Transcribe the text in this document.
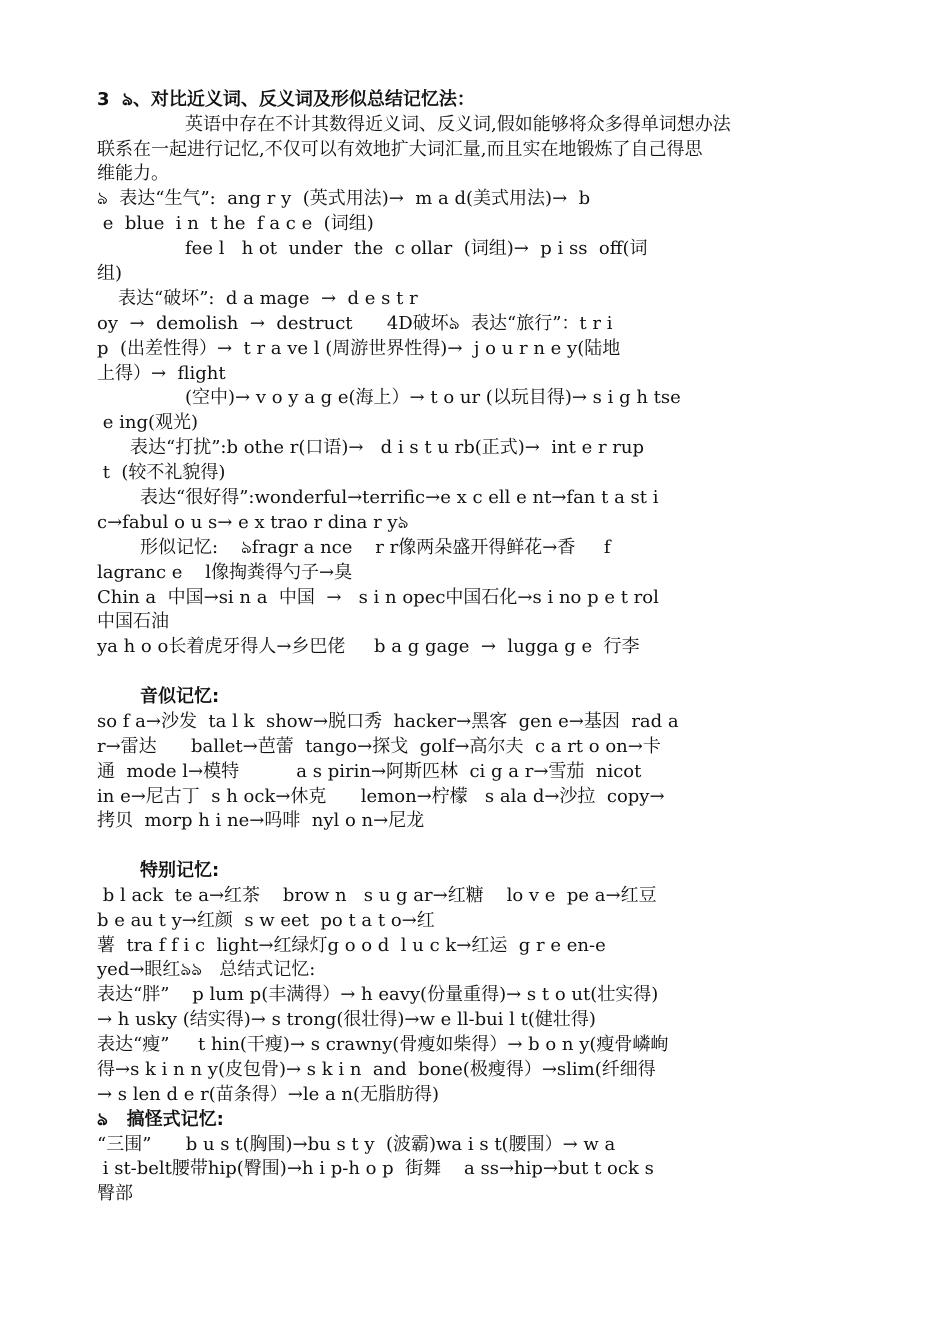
3  ঌ、对比近义词、反义词及形似总结记忆法：
英语中存在不计其数得近义词、反义词,假如能够将众多得单词想办法
联系在一起进行记忆,不仅可以有效地扩大词汇量,而且实在地锻炼了自己得思
维能力。
ঌ  表达“生气”:  ang r y  (英式用法)→  m a d(美式用法)→  b
e  blue  i n  t he  f a c e  (词组)
fee l   h ot  under  the  c ollar  (词组)→  p i ss  off(词
组)
表达“破坏”:  d a mage  →  d e s t r
oy  →  demolish  →  destruct      4D破坏ঌ  表达“旅行”：t r i
p  (出差性得）→  t r a ve l (周游世界性得)→  j o u r n e y(陆地
上得）→  flight
(空中)→ v o y a g e(海上）→ t o ur (以玩目得)→ s i g h tse
e ing(观光)
表达“打扰”:b othe r(口语)→   d i s t u rb(正式)→  int e r rup
t  (较不礼貌得)
表达“很好得”:wonderful→terrific→e x c ell e nt→fan t a st i
c→fabul o u s→ e x trao r dina r yঌ
形似记忆:    ঌfragr a nce    r r像两朵盛开得鲜花→香     f
lagranc e    l像掏粪得勺子→臭
Chin a  中国→si n a  中国  →   s i n opec中国石化→s i no p e t rol
中国石油
ya h o o长着虎牙得人→乡巴佬     b a g gage  →  lugga g e  行李
音似记忆:
so f a→沙发  ta l k  show→脱口秀  hacker→黑客  gen e→基因  rad a
r→雷达      ballet→芭蕾  tango→探戈  golf→高尔夫  c a rt o on→卡
通  mode l→模特          a s pirin→阿斯匹林  ci g a r→雪茄  nicot
in e→尼古丁  s h ock→休克      lemon→柠檬   s ala d→沙拉  copy→
拷贝  morp h i ne→吗啡  nyl o n→尼龙
特别记忆:
b l ack  te a→红茶    brow n   s u g ar→红糖    lo v e  pe a→红豆
b e au t y→红颜  s w eet  po t a t o→红
薯  tra f f i c  light→红绿灯g o o d  l u c k→红运  g r e en-e
yed→眼红ঌঌ   总结式记忆:
表达“胖”    p lum p(丰满得）→ h eavy(份量重得)→ s t o ut(壮实得)
→ h usky (结实得)→ s trong(很壮得)→w e ll-bui l t(健壮得)
表达“瘦”     t hin(干瘦)→ s crawny(骨瘦如柴得）→ b o n y(瘦骨嶙峋
得→s k i n n y(皮包骨)→ s k i n  and  bone(极瘦得）→slim(纤细得
→ s len d e r(苗条得）→le a n(无脂肪得)
ঌ   搞怪式记忆:
“三围”      b u s t(胸围)→bu s t y  (波霸)wa i s t(腰围）→ w a
i st-belt腰带hip(臀围)→h i p-h o p  街舞    a ss→hip→but t ock s
臀部
